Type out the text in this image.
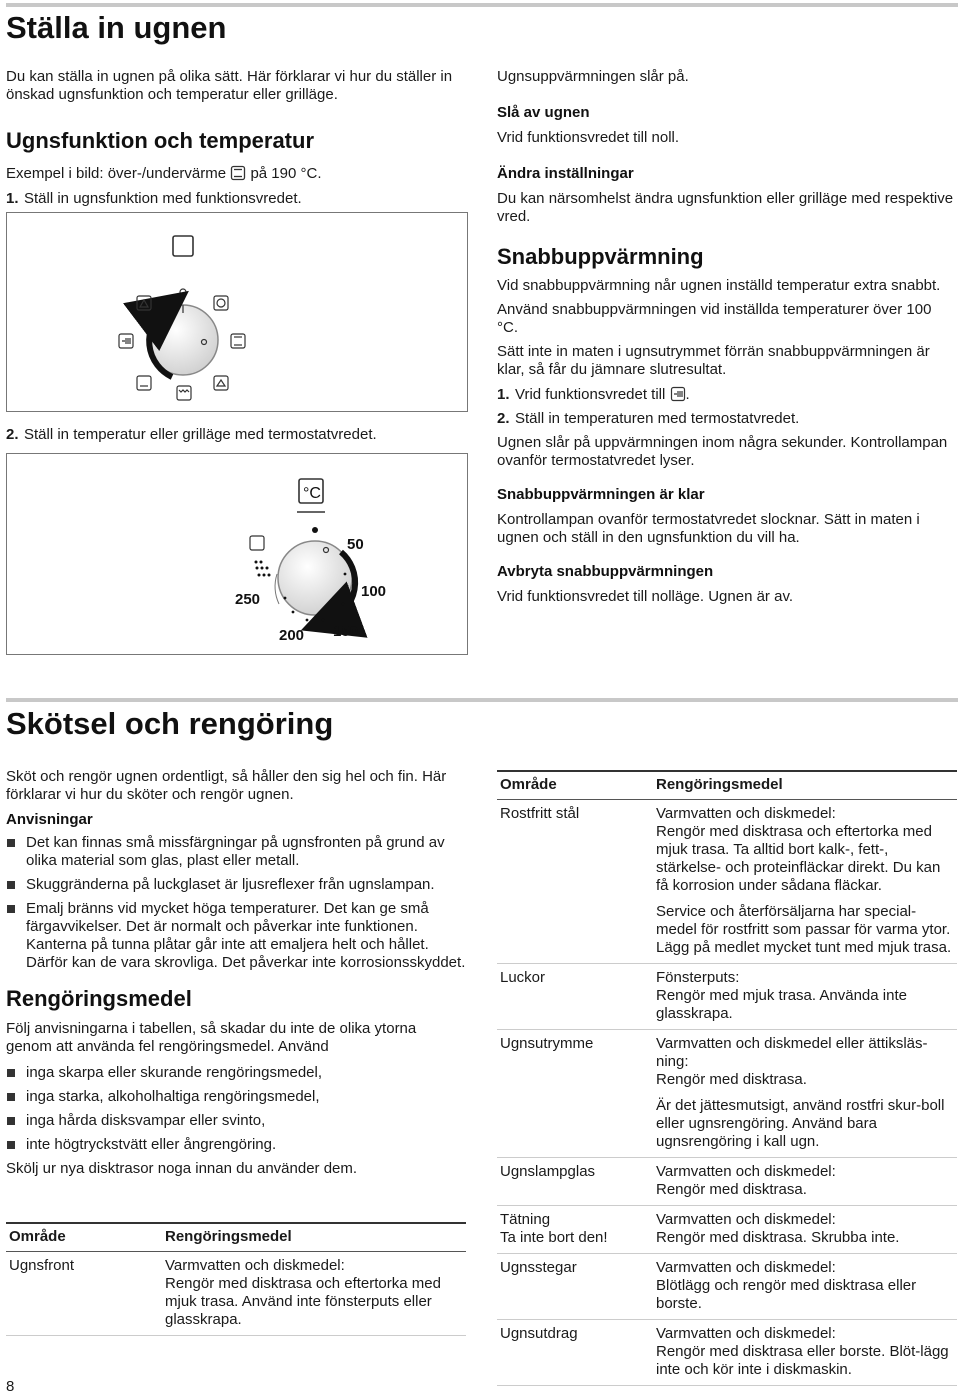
Ställa in ugnen

Du kan ställa in ugnen på olika sätt. Här förklarar vi hur du ställer in önskad ugnsfunktion och temperatur eller grilläge.

Ugnsfunktion och temperatur

Exempel i bild: över-/undervärme på 190 °C.

1. Ställ in ugnsfunktion med funktionsvredet.
2. Ställ in temperatur eller grilläge med termostatvredet.
50
100
150
200
250
°C

Ugnsuppvärmningen slår på.

Slå av ugnen

Vrid funktionsvredet till noll.

Ändra inställningar

Du kan närsomhelst ändra ugnsfunktion eller grilläge med respektive vred.

Snabbuppvärmning

Vid snabbuppvärmning når ugnen inställd temperatur extra snabbt.

Använd snabbuppvärmningen vid inställda temperaturer över 100 °C.

Sätt inte in maten i ugnsutrymmet förrän snabbuppvärmningen är klar, så får du jämnare slutresultat.

1. Vrid funktionsvredet till .
2. Ställ in temperaturen med termostatvredet.

Ugnen slår på uppvärmningen inom några sekunder. Kontrollampan ovanför termostatvredet lyser.

Snabbuppvärmningen är klar

Kontrollampan ovanför termostatvredet slocknar. Sätt in maten i ugnen och ställ in den ugnsfunktion du vill ha.

Avbryta snabbuppvärmningen

Vrid funktionsvredet till nolläge. Ugnen är av.

Skötsel och rengöring

Sköt och rengör ugnen ordentligt, så håller den sig hel och fin. Här förklarar vi hur du sköter och rengör ugnen.

Anvisningar
Det kan finnas små missfärgningar på ugnsfronten på grund av olika material som glas, plast eller metall.
Skuggränderna på luckglaset är ljusreflexer från ugnslampan.
Emalj bränns vid mycket höga temperaturer. Det kan ge små färgavvikelser. Det är normalt och påverkar inte funktionen. Kanterna på tunna plåtar går inte att emaljera helt och hållet. Därför kan de vara skrovliga. Det påverkar inte korrosionsskyddet.
Rengöringsmedel

Följ anvisningarna i tabellen, så skadar du inte de olika ytorna genom att använda fel rengöringsmedel. Använd

inga skarpa eller skurande rengöringsmedel,
inga starka, alkoholhaltiga rengöringsmedel,
inga hårda disksvampar eller svinto,
inte högtryckstvätt eller ångrengöring.

Skölj ur nya disktrasor noga innan du använder dem.

Område	Rengöringsmedel
Ugnsfront	Varmvatten och diskmedel:
Rengör med disktrasa och eftertorka med mjuk trasa. Använd inte fönsterputs eller glasskrapa.

Område	Rengöringsmedel
Rostfritt stål	Varmvatten och diskmedel:
Rengör med disktrasa och eftertorka med mjuk trasa. Ta alltid bort kalk-, fett-, stärkelse- och proteinfläckar direkt. Du kan få korrosion under sådana fläckar.

Service och återförsäljarna har special-medel för rostfritt som passar för varma ytor. Lägg på medlet mycket tunt med mjuk trasa.

Luckor	Fönsterputs:
Rengör med mjuk trasa. Använda inte glasskrapa.

Ugnsutrymme	Varmvatten och diskmedel eller ättiksläs-ning:
Rengör med disktrasa.

Är det jättesmutsigt, använd rostfri skur-boll eller ugnsrengöring. Använd bara ugnsrengöring i kall ugn.

Ugnslampglas	Varmvatten och diskmedel:
Rengör med disktrasa.

Tätning
Ta inte bort den!	Varmvatten och diskmedel:
Rengör med disktrasa. Skrubba inte.

Ugnsstegar	Varmvatten och diskmedel:
Blötlägg och rengör med disktrasa eller borste.

Ugnsutdrag	Varmvatten och diskmedel:
Rengör med disktrasa eller borste. Blöt-lägg inte och kör inte i diskmaskin.

8
